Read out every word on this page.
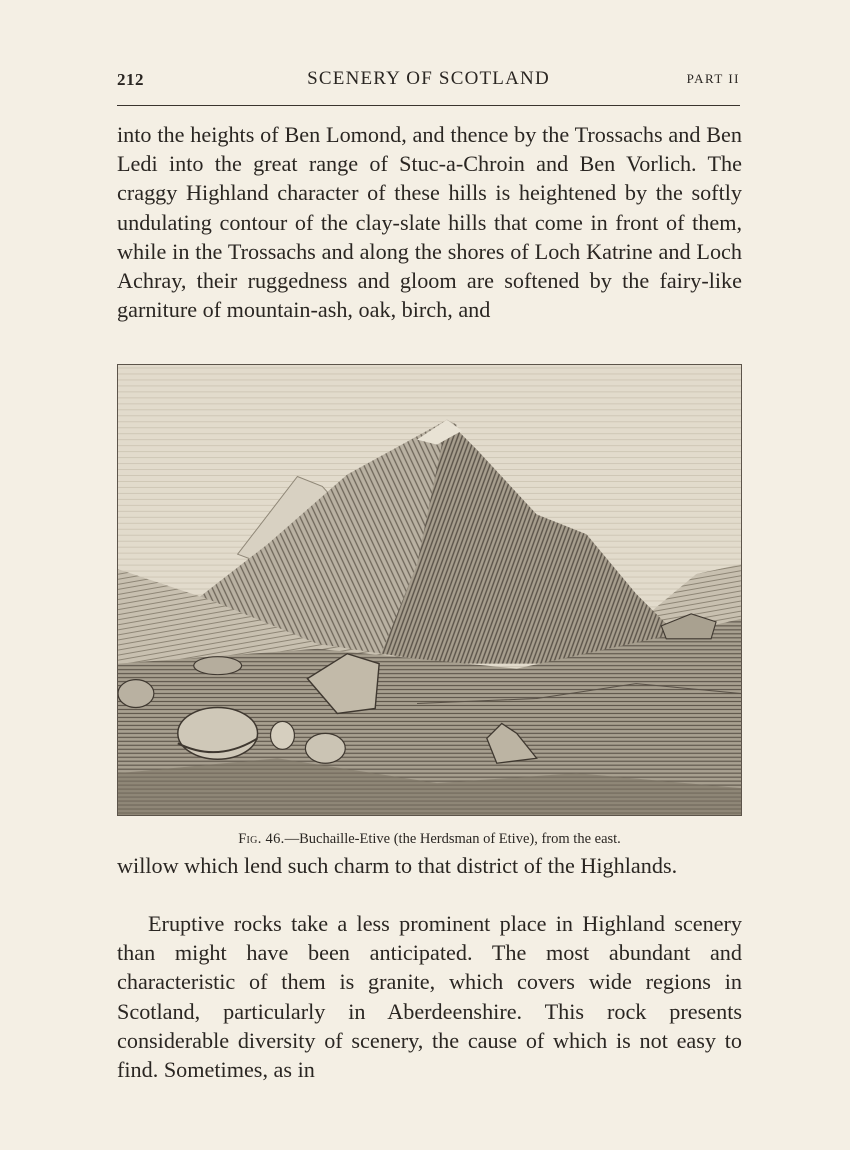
212	SCENERY OF SCOTLAND	PART II

into the heights of Ben Lomond, and thence by the Trossachs and Ben Ledi into the great range of Stuc-a-Chroin and Ben Vorlich. The craggy Highland character of these hills is heightened by the softly undulating contour of the clay-slate hills that come in front of them, while in the Trossachs and along the shores of Loch Katrine and Loch Achray, their ruggedness and gloom are softened by the fairy-like garniture of mountain-ash, oak, birch, and

Fig. 46.—Buchaille-Etive (the Herdsman of Etive), from the east.

willow which lend such charm to that district of the Highlands.

Eruptive rocks take a less prominent place in Highland scenery than might have been anticipated. The most abundant and characteristic of them is granite, which covers wide regions in Scotland, particularly in Aberdeenshire. This rock presents considerable diversity of scenery, the cause of which is not easy to find. Sometimes, as in
